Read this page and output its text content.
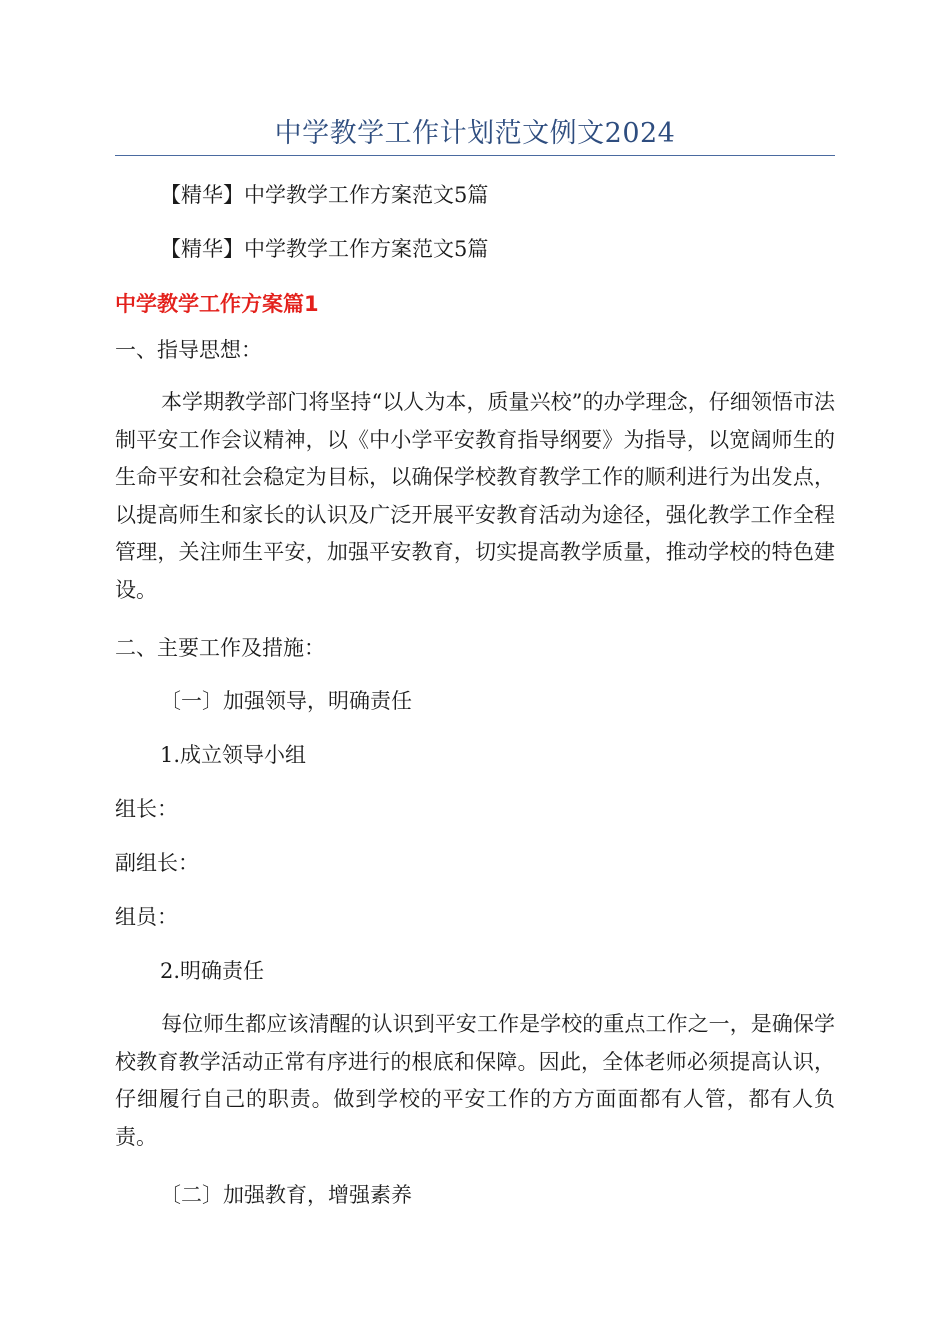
中学教学工作计划范文例文2024
【精华】中学教学工作方案范文5篇
【精华】中学教学工作方案范文5篇
中学教学工作方案篇1
一、指导思想：
本学期教学部门将坚持“以人为本，质量兴校”的办学理念，仔细领悟市法制平安工作会议精神，以《中小学平安教育指导纲要》为指导，以宽阔师生的生命平安和社会稳定为目标，以确保学校教育教学工作的顺利进行为出发点，以提高师生和家长的认识及广泛开展平安教育活动为途径，强化教学工作全程管理，关注师生平安，加强平安教育，切实提高教学质量，推动学校的特色建设。
二、主要工作及措施：
〔一〕加强领导，明确责任
1.成立领导小组
组长：
副组长：
组员：
2.明确责任
每位师生都应该清醒的认识到平安工作是学校的重点工作之一，是确保学校教育教学活动正常有序进行的根底和保障。因此，全体老师必须提高认识，仔细履行自己的职责。做到学校的平安工作的方方面面都有人管，都有人负责。
〔二〕加强教育，增强素养
